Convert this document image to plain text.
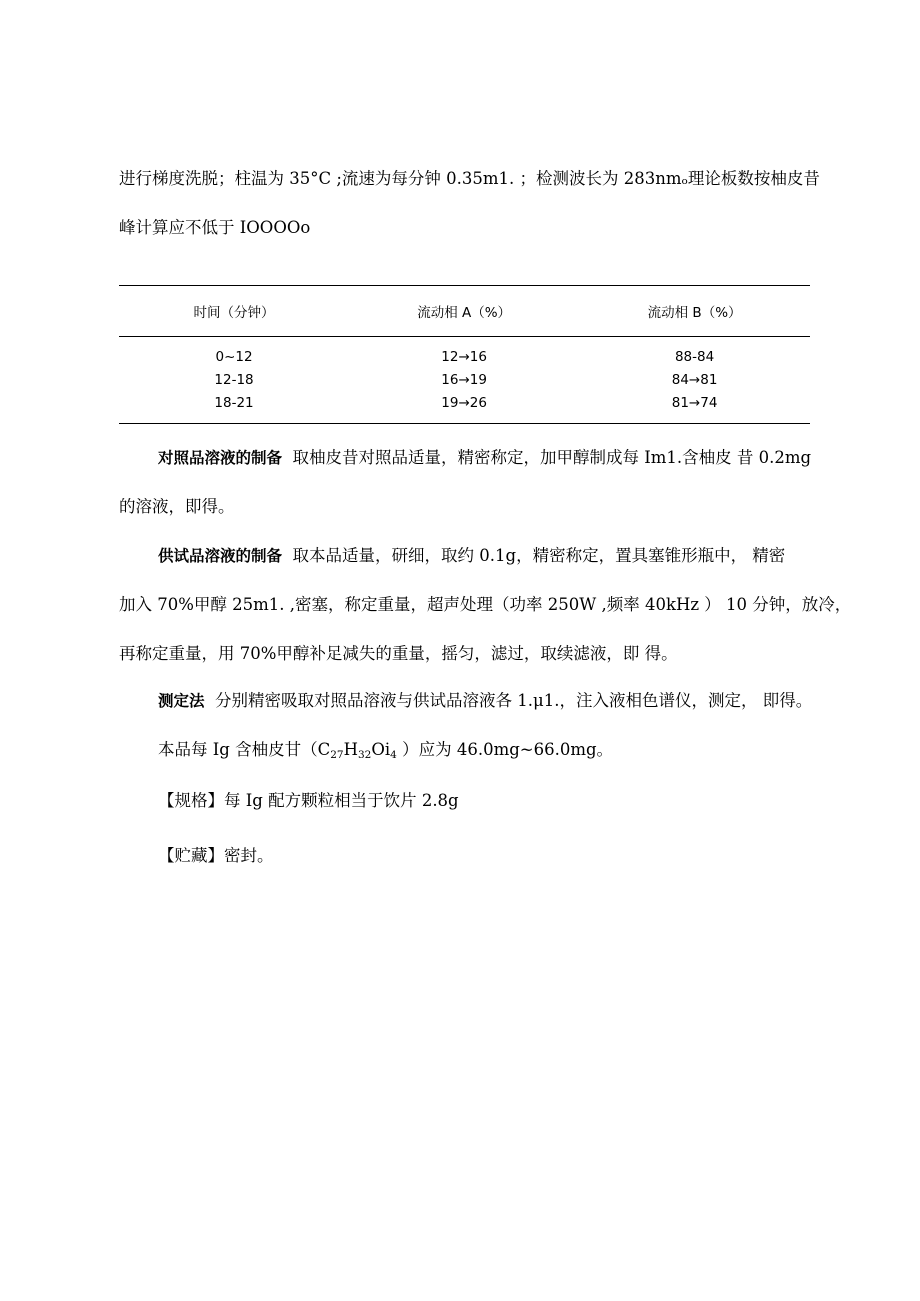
进行梯度洗脱；柱温为 35°C ;流速为每分钟 0.35m1. ；检测波长为 283nmₒ理论板数按柚皮昔
峰计算应不低于 IOOOOo
时间（分钟）	流动相 A（%）	流动相 B（%）
0~12	12→16	88-84
12-18	16→19	84→81
18-21	19→26	81→74
对照品溶液的制备 取柚皮昔对照品适量，精密称定，加甲醇制成每 Im1.含柚皮 昔 0.2mg
的溶液，即得。
供试品溶液的制备 取本品适量，研细，取约 0.1g，精密称定，置具塞锥形瓶中， 精密
加入 70%甲醇 25m1. ,密塞，称定重量，超声处理（功率 250W ,频率 40kHz ） 10 分钟，放冷，
再称定重量，用 70%甲醇补足减失的重量，摇匀，滤过，取续滤液，即 得。
测定法 分别精密吸取对照品溶液与供试品溶液各 1.μ1.，注入液相色谱仪，测定， 即得。
本品每 Ig 含柚皮甘（$C_{27}H_{32}Oi_4$ ）应为 46.0mg~66.0mg。
【规格】每 Ig 配方颗粒相当于饮片 2.8g
【贮藏】密封。
